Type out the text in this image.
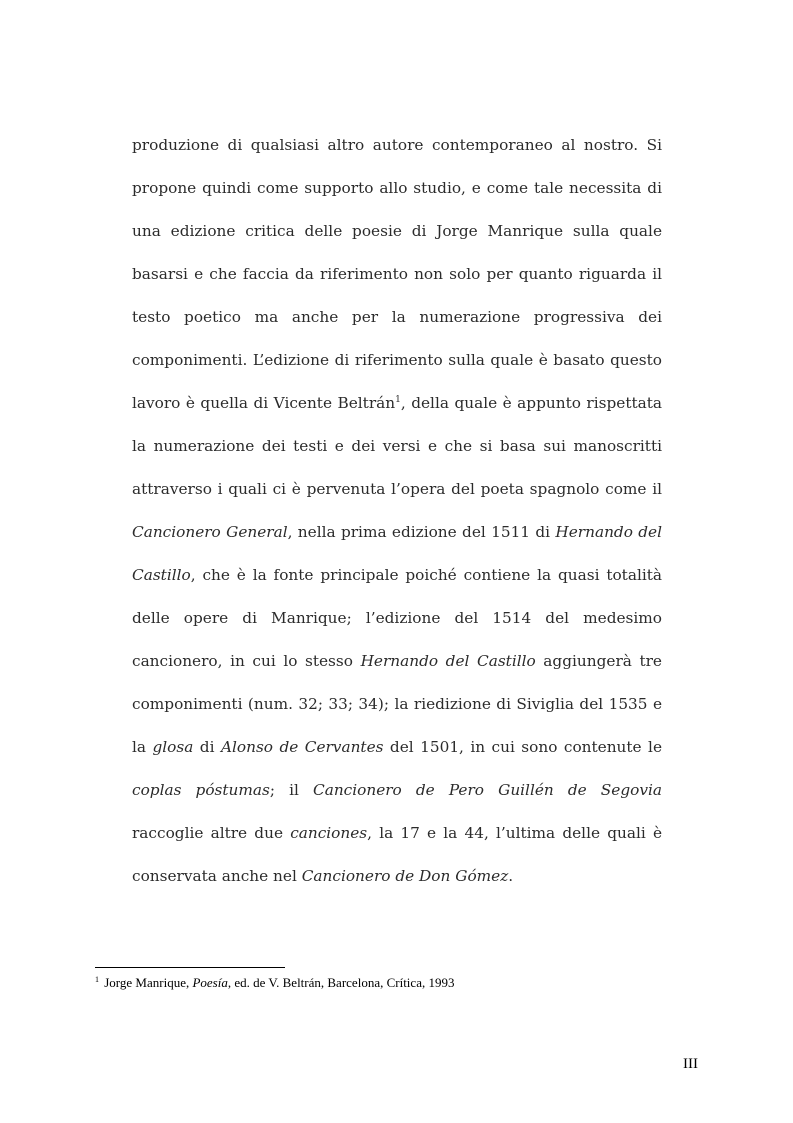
produzione di qualsiasi altro autore contemporaneo al nostro. Si propone quindi come supporto allo studio, e come tale necessita di una edizione critica delle poesie di Jorge Manrique sulla quale basarsi e che faccia da riferimento non solo per quanto riguarda il testo poetico ma anche per la numerazione progressiva dei componimenti. L’edizione di riferimento sulla quale è basato questo lavoro è quella di Vicente Beltrán$^1$, della quale è appunto rispettata la numerazione dei testi e dei versi e che si basa sui manoscritti attraverso i quali ci è pervenuta l’opera del poeta spagnolo come il Cancionero General, nella prima edizione del 1511 di Hernando del Castillo, che è la fonte principale poiché contiene la quasi totalità delle opere di Manrique; l’edizione del 1514 del medesimo cancionero, in cui lo stesso Hernando del Castillo aggiungerà tre componimenti (num. 32; 33; 34); la riedizione di Siviglia del 1535 e la glosa di Alonso de Cervantes del 1501, in cui sono contenute le coplas póstumas; il Cancionero de Pero Guillén de Segovia raccoglie altre due canciones, la 17 e la 44, l’ultima delle quali è conservata anche nel Cancionero de Don Gómez.

$^1$ Jorge Manrique, Poesía, ed. de V. Beltrán, Barcelona, Crítica, 1993

III
